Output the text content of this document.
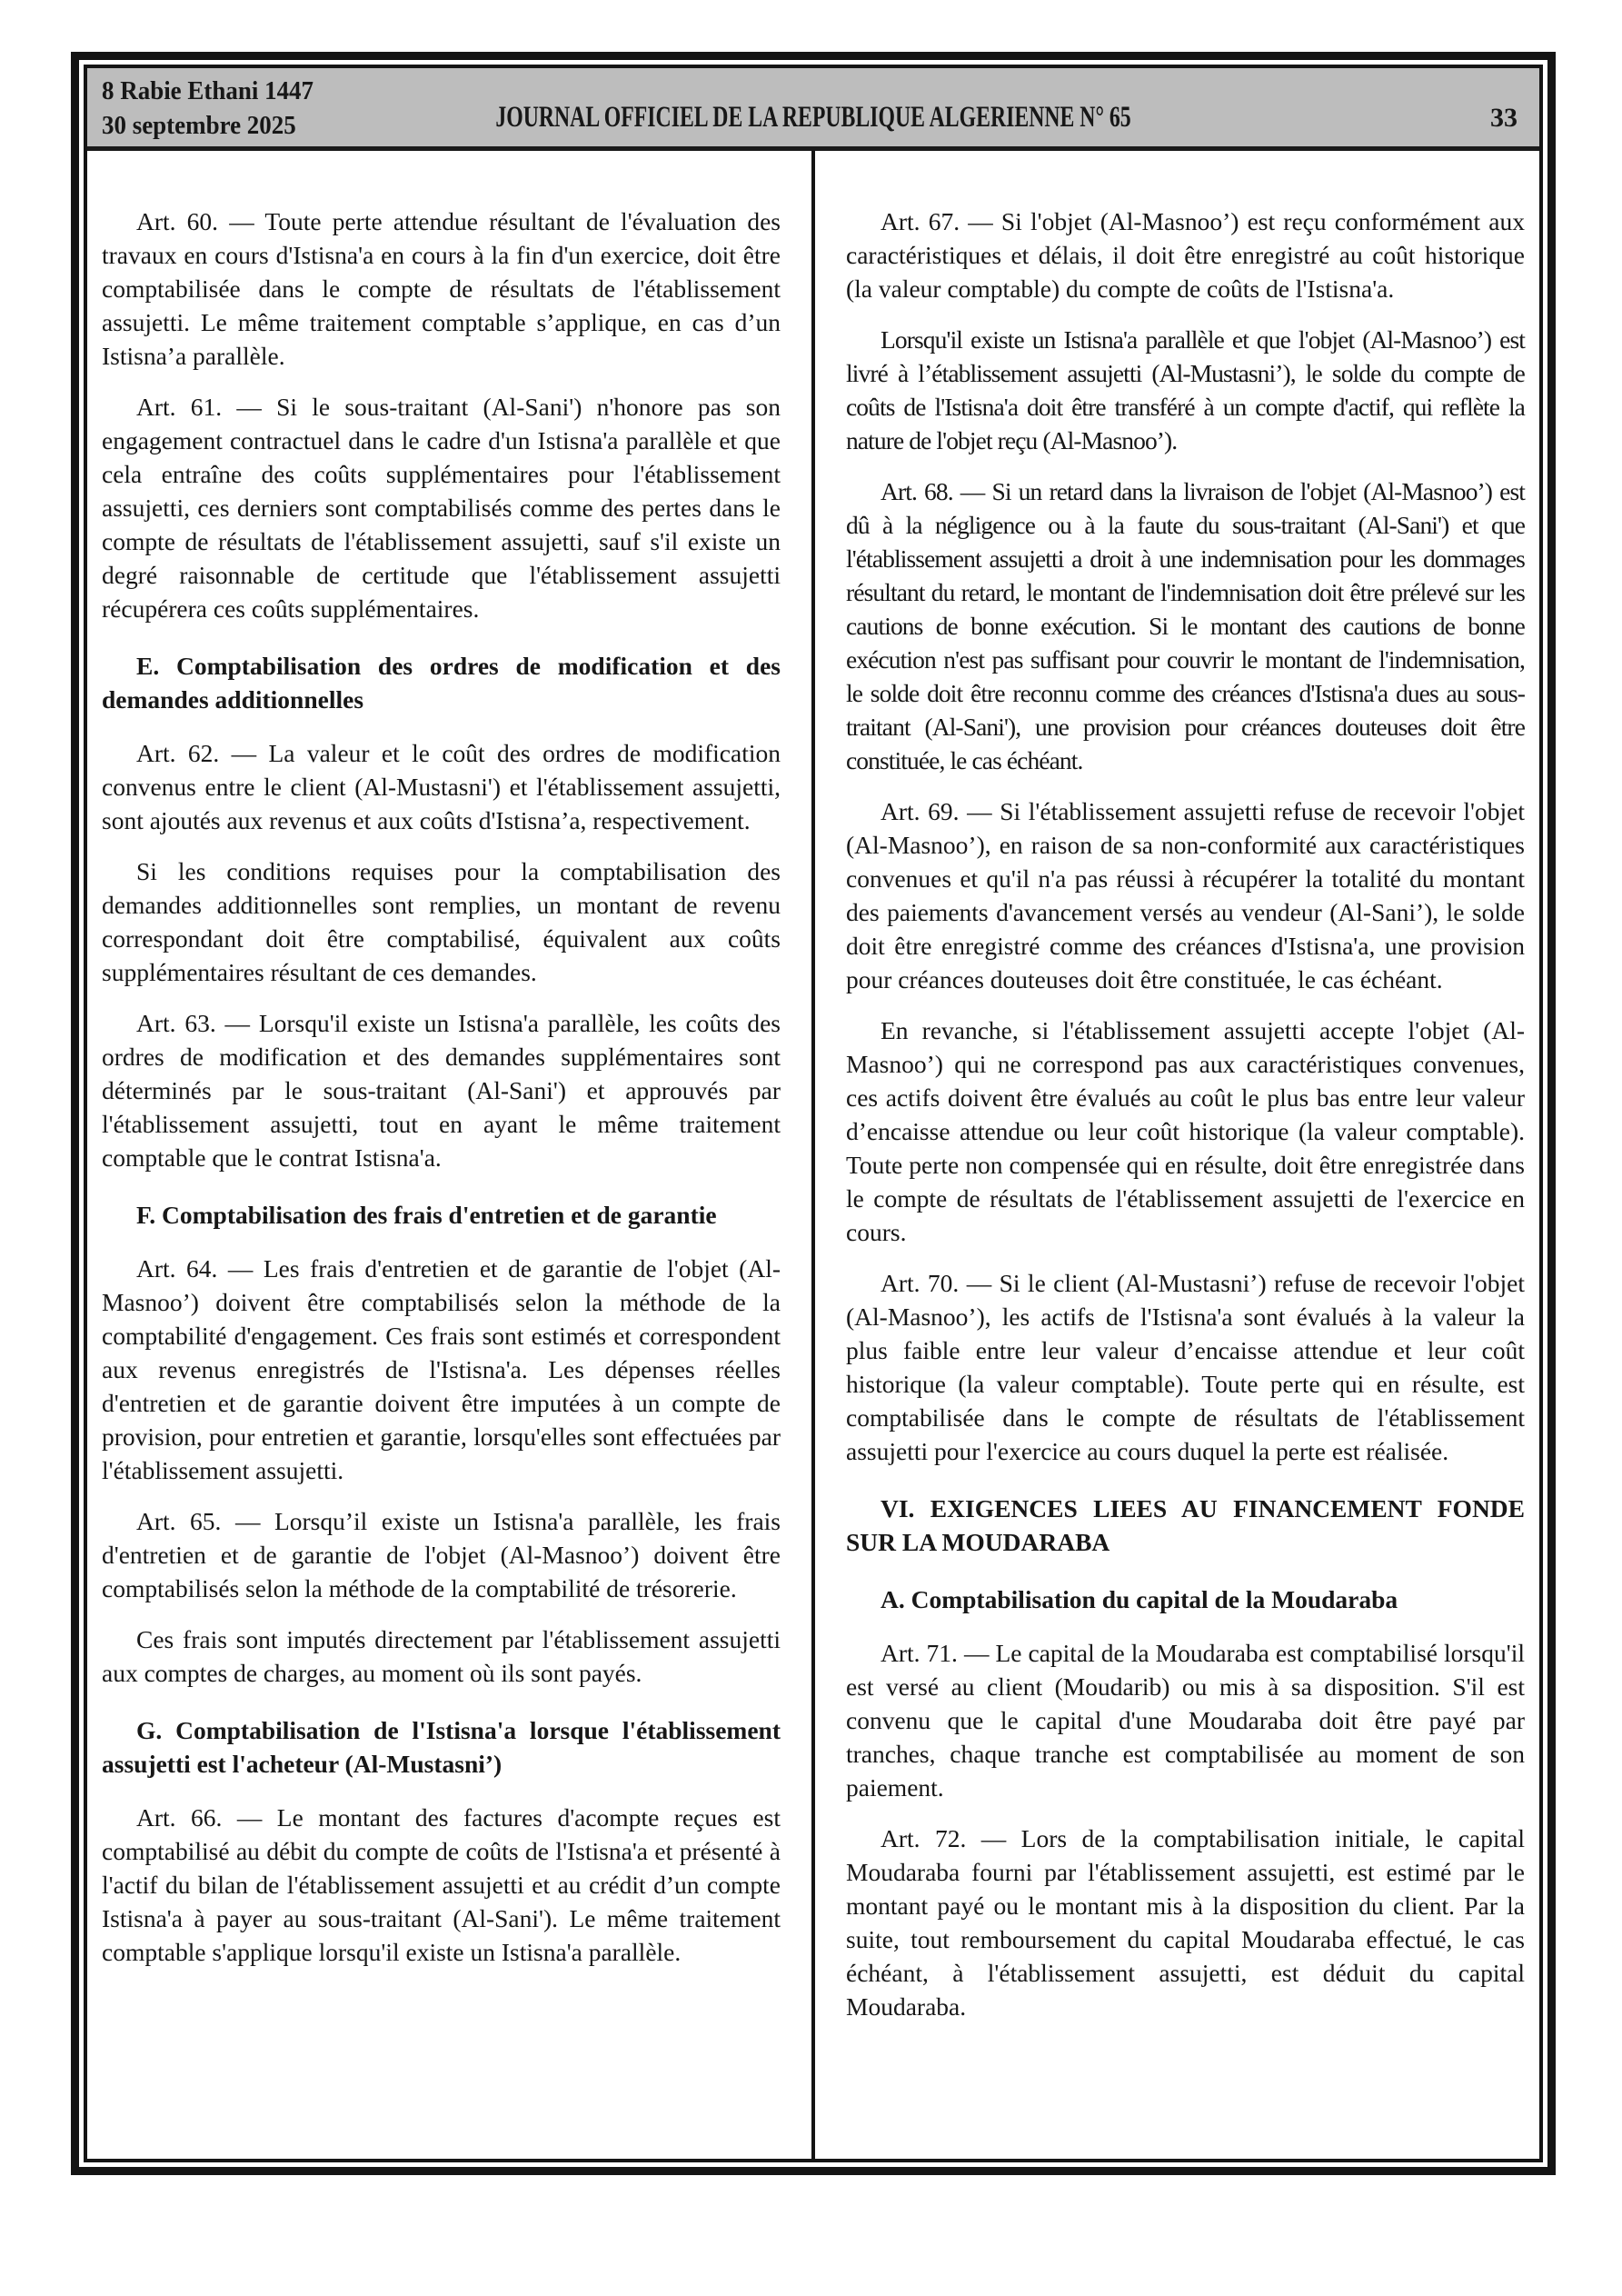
8 Rabie Ethani 1447
30 septembre 2025	JOURNAL OFFICIEL DE LA REPUBLIQUE ALGERIENNE N° 65	33

Art. 60. — Toute perte attendue résultant de l'évaluation des travaux en cours d'Istisna'a en cours à la fin d'un exercice, doit être comptabilisée dans le compte de résultats de l'établissement assujetti. Le même traitement comptable s’applique, en cas d’un Istisna’a parallèle.

Art. 61. — Si le sous-traitant (Al-Sani') n'honore pas son engagement contractuel dans le cadre d'un Istisna'a parallèle et que cela entraîne des coûts supplémentaires pour l'établissement assujetti, ces derniers sont comptabilisés comme des pertes dans le compte de résultats de l'établissement assujetti, sauf s'il existe un degré raisonnable de certitude que l'établissement assujetti récupérera ces coûts supplémentaires.

E. Comptabilisation des ordres de modification et des demandes additionnelles

Art. 62. — La valeur et le coût des ordres de modification convenus entre le client (Al-Mustasni') et l'établissement assujetti, sont ajoutés aux revenus et aux coûts d'Istisna’a, respectivement.

Si les conditions requises pour la comptabilisation des demandes additionnelles sont remplies, un montant de revenu correspondant doit être comptabilisé, équivalent aux coûts supplémentaires résultant de ces demandes.

Art. 63. — Lorsqu'il existe un Istisna'a parallèle, les coûts des ordres de modification et des demandes supplémentaires sont déterminés par le sous-traitant (Al-Sani') et approuvés par l'établissement assujetti, tout en ayant le même traitement comptable que le contrat Istisna'a.

F. Comptabilisation des frais d'entretien et de garantie

Art. 64. — Les frais d'entretien et de garantie de l'objet (Al-Masnoo’) doivent être comptabilisés selon la méthode de la comptabilité d'engagement. Ces frais sont estimés et correspondent aux revenus enregistrés de l'Istisna'a. Les dépenses réelles d'entretien et de garantie doivent être imputées à un compte de provision, pour entretien et garantie, lorsqu'elles sont effectuées par l'établissement assujetti.

Art. 65. — Lorsqu’il existe un Istisna'a parallèle, les frais d'entretien et de garantie de l'objet (Al-Masnoo’) doivent être comptabilisés selon la méthode de la comptabilité de trésorerie.

Ces frais sont imputés directement par l'établissement assujetti aux comptes de charges, au moment où ils sont payés.

G. Comptabilisation de l'Istisna'a lorsque l'établissement assujetti est l'acheteur (Al-Mustasni’)

Art. 66. — Le montant des factures d'acompte reçues est comptabilisé au débit du compte de coûts de l'Istisna'a et présenté à l'actif du bilan de l'établissement assujetti et au crédit d’un compte Istisna'a à payer au sous-traitant (Al-Sani'). Le même traitement comptable s'applique lorsqu'il existe un Istisna'a parallèle.

Art. 67. — Si l'objet (Al-Masnoo’) est reçu conformément aux caractéristiques et délais, il doit être enregistré au coût historique (la valeur comptable) du compte de coûts de l'Istisna'a.

Lorsqu'il existe un Istisna'a parallèle et que l'objet (Al-Masnoo’) est livré à l’établissement assujetti (Al-Mustasni’), le solde du compte de coûts de l'Istisna'a doit être transféré à un compte d'actif, qui reflète la nature de l'objet reçu (Al-Masnoo’).

Art. 68. — Si un retard dans la livraison de l'objet (Al-Masnoo’) est dû à la négligence ou à la faute du sous-traitant (Al-Sani') et que l'établissement assujetti a droit à une indemnisation pour les dommages résultant du retard, le montant de l'indemnisation doit être prélevé sur les cautions de bonne exécution. Si le montant des cautions de bonne exécution n'est pas suffisant pour couvrir le montant de l'indemnisation, le solde doit être reconnu comme des créances d'Istisna'a dues au sous-traitant (Al-Sani'), une provision pour créances douteuses doit être constituée, le cas échéant.

Art. 69. — Si l'établissement assujetti refuse de recevoir l'objet (Al-Masnoo’), en raison de sa non-conformité aux caractéristiques convenues et qu'il n'a pas réussi à récupérer la totalité du montant des paiements d'avancement versés au vendeur (Al-Sani’), le solde doit être enregistré comme des créances d'Istisna'a, une provision pour créances douteuses doit être constituée, le cas échéant.

En revanche, si l'établissement assujetti accepte l'objet (Al-Masnoo’) qui ne correspond pas aux caractéristiques convenues, ces actifs doivent être évalués au coût le plus bas entre leur valeur d’encaisse attendue ou leur coût historique (la valeur comptable). Toute perte non compensée qui en résulte, doit être enregistrée dans le compte de résultats de l'établissement assujetti de l'exercice en cours.

Art. 70. — Si le client (Al-Mustasni’) refuse de recevoir l'objet (Al-Masnoo’), les actifs de l'Istisna'a sont évalués à la valeur la plus faible entre leur valeur d’encaisse attendue et leur coût historique (la valeur comptable). Toute perte qui en résulte, est comptabilisée dans le compte de résultats de l'établissement assujetti pour l'exercice au cours duquel la perte est réalisée.

VI. EXIGENCES LIEES AU FINANCEMENT FONDE SUR LA MOUDARABA

A. Comptabilisation du capital de la Moudaraba

Art. 71. — Le capital de la Moudaraba est comptabilisé lorsqu'il est versé au client (Moudarib) ou mis à sa disposition. S'il est convenu que le capital d'une Moudaraba doit être payé par tranches, chaque tranche est comptabilisée au moment de son paiement.

Art. 72. — Lors de la comptabilisation initiale, le capital Moudaraba fourni par l'établissement assujetti, est estimé par le montant payé ou le montant mis à la disposition du client. Par la suite, tout remboursement du capital Moudaraba effectué, le cas échéant, à l'établissement assujetti, est déduit du capital Moudaraba.
